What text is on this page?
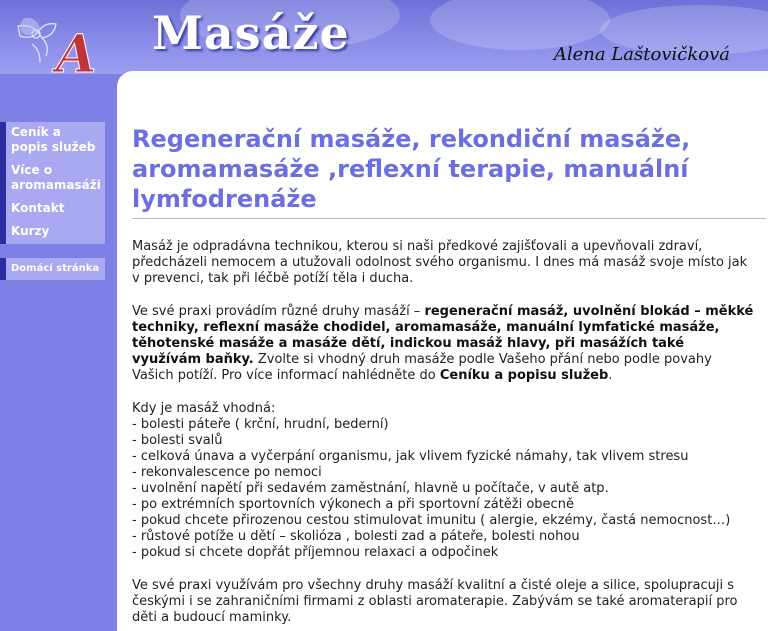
A Masáže	Alena Laštovičková
Ceník a popis služeb
Více o aromamasáži
Kontakt
Kurzy
Domácí stránka
Regenerační masáže, rekondiční masáže, aromamasáže ,reflexní terapie, manuální lymfodrenáže

Masáž je odpradávna technikou, kterou si naši předkové zajišťovali a upevňovali zdraví, předcházeli nemocem a utužovali odolnost svého organismu. I dnes má masáž svoje místo jak v prevenci, tak při léčbě potíží těla i ducha.

Ve své praxi provádím různé druhy masáží – regenerační masáž, uvolnění blokád – měkké techniky, reflexní masáže chodidel, aromamasáže, manuální lymfatické masáže, těhotenské masáže a masáže dětí, indickou masáž hlavy, při masážích také využívám baňky. Zvolte si vhodný druh masáže podle Vašeho přání nebo podle povahy Vašich potíží. Pro více informací nahlédněte do Ceníku a popisu služeb.

Kdy je masáž vhodná:
- bolesti páteře ( krční, hrudní, bederní)
- bolesti svalů
- celková únava a vyčerpání organismu, jak vlivem fyzické námahy, tak vlivem stresu
- rekonvalescence po nemoci
- uvolnění napětí při sedavém zaměstnání, hlavně u počítače, v autě atp.
- po extrémních sportovních výkonech a při sportovní zátěži obecně
- pokud chcete přirozenou cestou stimulovat imunitu ( alergie, ekzémy, častá nemocnost…)
- růstové potíže u dětí – skolióza , bolesti zad a páteře, bolesti nohou
- pokud si chcete dopřát příjemnou relaxaci a odpočinek

Ve své praxi využívám pro všechny druhy masáží kvalitní a čisté oleje a silice, spolupracuji s českými i se zahraničními firmami z oblasti aromaterapie. Zabývám se také aromaterapií pro děti a budoucí maminky.
